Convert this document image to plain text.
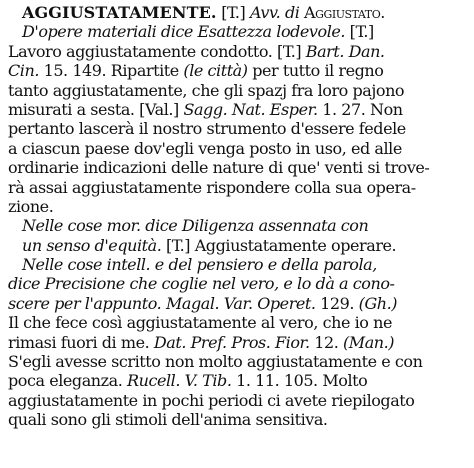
AGGIUSTATAMENTE. [T.] Avv. di Aggiustato.
D'opere materiali dice Esattezza lodevole. [T.]
Lavoro aggiustatamente condotto. [T.] Bart. Dan.
Cin. 15. 149. Ripartite (le città) per tutto il regno
tanto aggiustatamente, che gli spazj fra loro pajono
misurati a sesta. [Val.] Sagg. Nat. Esper. 1. 27. Non
pertanto lascerà il nostro strumento d'essere fedele
a ciascun paese dov'egli venga posto in uso, ed alle
ordinarie indicazioni delle nature di que' venti si trove-
rà assai aggiustatamente rispondere colla sua opera-
zione.
Nelle cose mor. dice Diligenza assennata con
un senso d'equità. [T.] Aggiustatamente operare.
Nelle cose intell. e del pensiero e della parola,
dice Precisione che coglie nel vero, e lo dà a cono-
scere per l'appunto. Magal. Var. Operet. 129. (Gh.)
Il che fece così aggiustatamente al vero, che io ne
rimasi fuori di me. Dat. Pref. Pros. Fior. 12. (Man.)
S'egli avesse scritto non molto aggiustatamente e con
poca eleganza. Rucell. V. Tib. 1. 11. 105. Molto
aggiustatamente in pochi periodi ci avete riepilogato
quali sono gli stimoli dell'anima sensitiva.
